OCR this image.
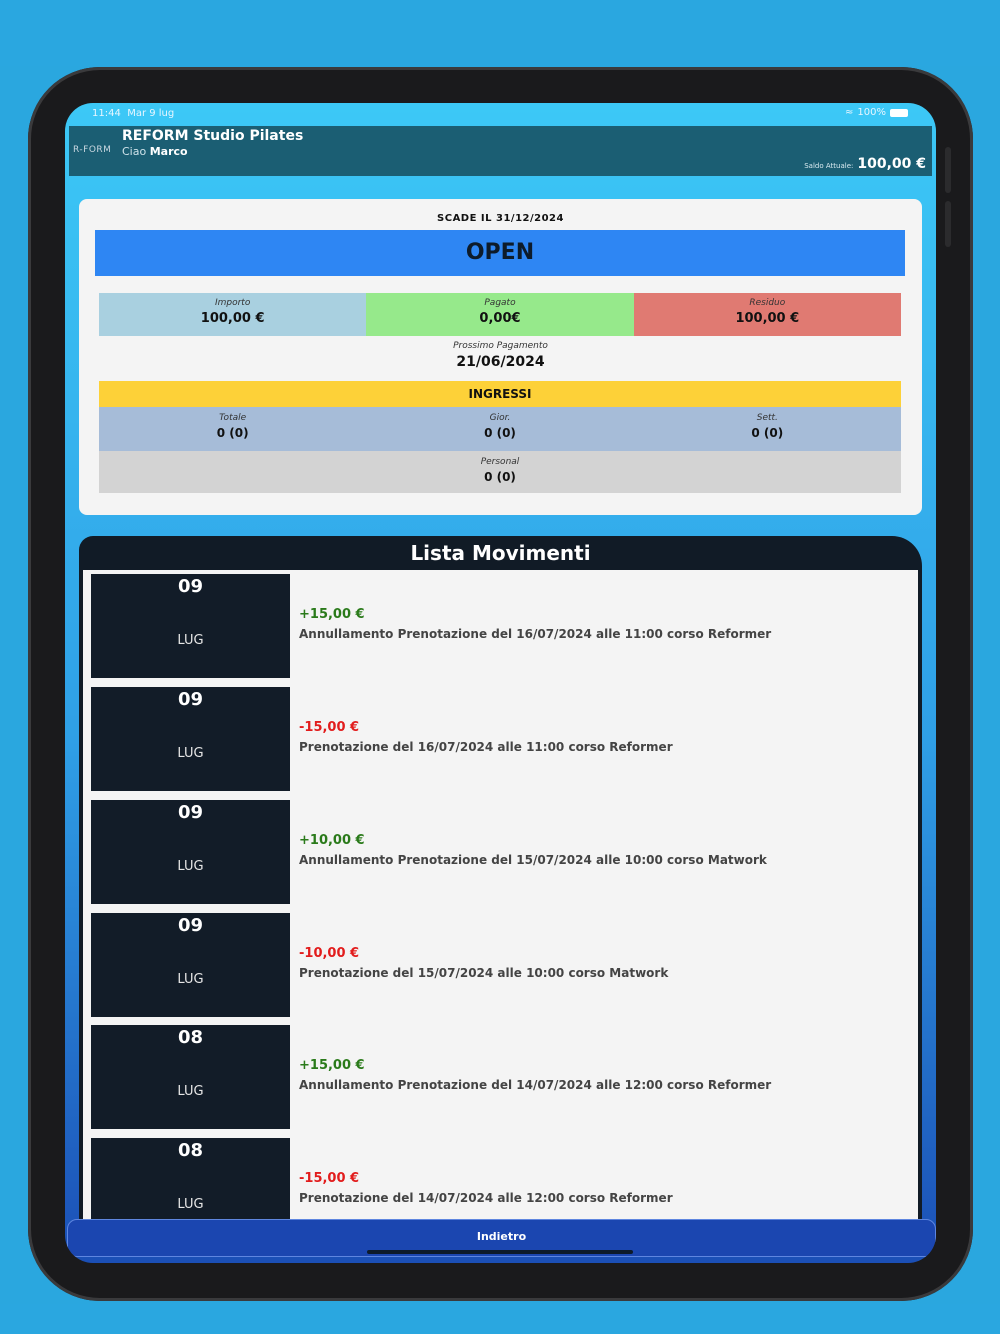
11:44 Mar 9 lug	≈ 100%
R-FORM
REFORM Studio Pilates
Ciao Marco
Saldo Attuale: 100,00 €
SCADE IL 31/12/2024
OPEN
Importo
100,00 €
Pagato
0,00€
Residuo
100,00 €
Prossimo Pagamento
21/06/2024
INGRESSI
Totale
0 (0)
Gior.
0 (0)
Sett.
0 (0)
Personal
0 (0)
Lista Movimenti
09
LUG
+15,00 €
Annullamento Prenotazione del 16/07/2024 alle 11:00 corso Reformer
09
LUG
-15,00 €
Prenotazione del 16/07/2024 alle 11:00 corso Reformer
09
LUG
+10,00 €
Annullamento Prenotazione del 15/07/2024 alle 10:00 corso Matwork
09
LUG
-10,00 €
Prenotazione del 15/07/2024 alle 10:00 corso Matwork
08
LUG
+15,00 €
Annullamento Prenotazione del 14/07/2024 alle 12:00 corso Reformer
08
LUG
-15,00 €
Prenotazione del 14/07/2024 alle 12:00 corso Reformer
Indietro
